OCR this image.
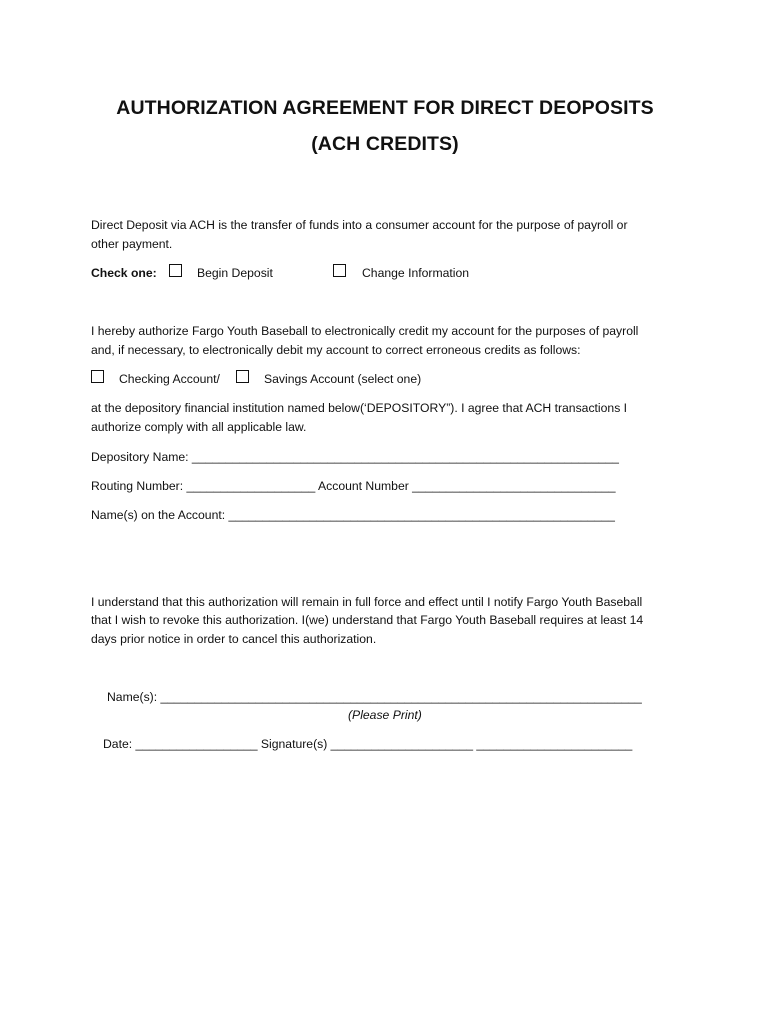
AUTHORIZATION AGREEMENT FOR DIRECT DEOPOSITS
(ACH CREDITS)
Direct Deposit via ACH is the transfer of funds into a consumer account for the purpose of payroll or
other payment.
Check one:	Begin Deposit	Change Information
I hereby authorize Fargo Youth Baseball to electronically credit my account for the purposes of payroll
and, if necessary, to electronically debit my account to correct erroneous credits as follows:
Checking Account/	Savings Account (select one)
at the depository financial institution named below(‘DEPOSITORY”). I agree that ACH transactions I
authorize comply with all applicable law.
Depository Name: _______________________________________________________________
Routing Number: ___________________ Account Number ______________________________
Name(s) on the Account: _________________________________________________________
I understand that this authorization will remain in full force and effect until I notify Fargo Youth Baseball
that I wish to revoke this authorization. I(we) understand that Fargo Youth Baseball requires at least 14
days prior notice in order to cancel this authorization.
Name(s): _______________________________________________________________________
(Please Print)
Date: __________________ Signature(s) _____________________ _______________________
